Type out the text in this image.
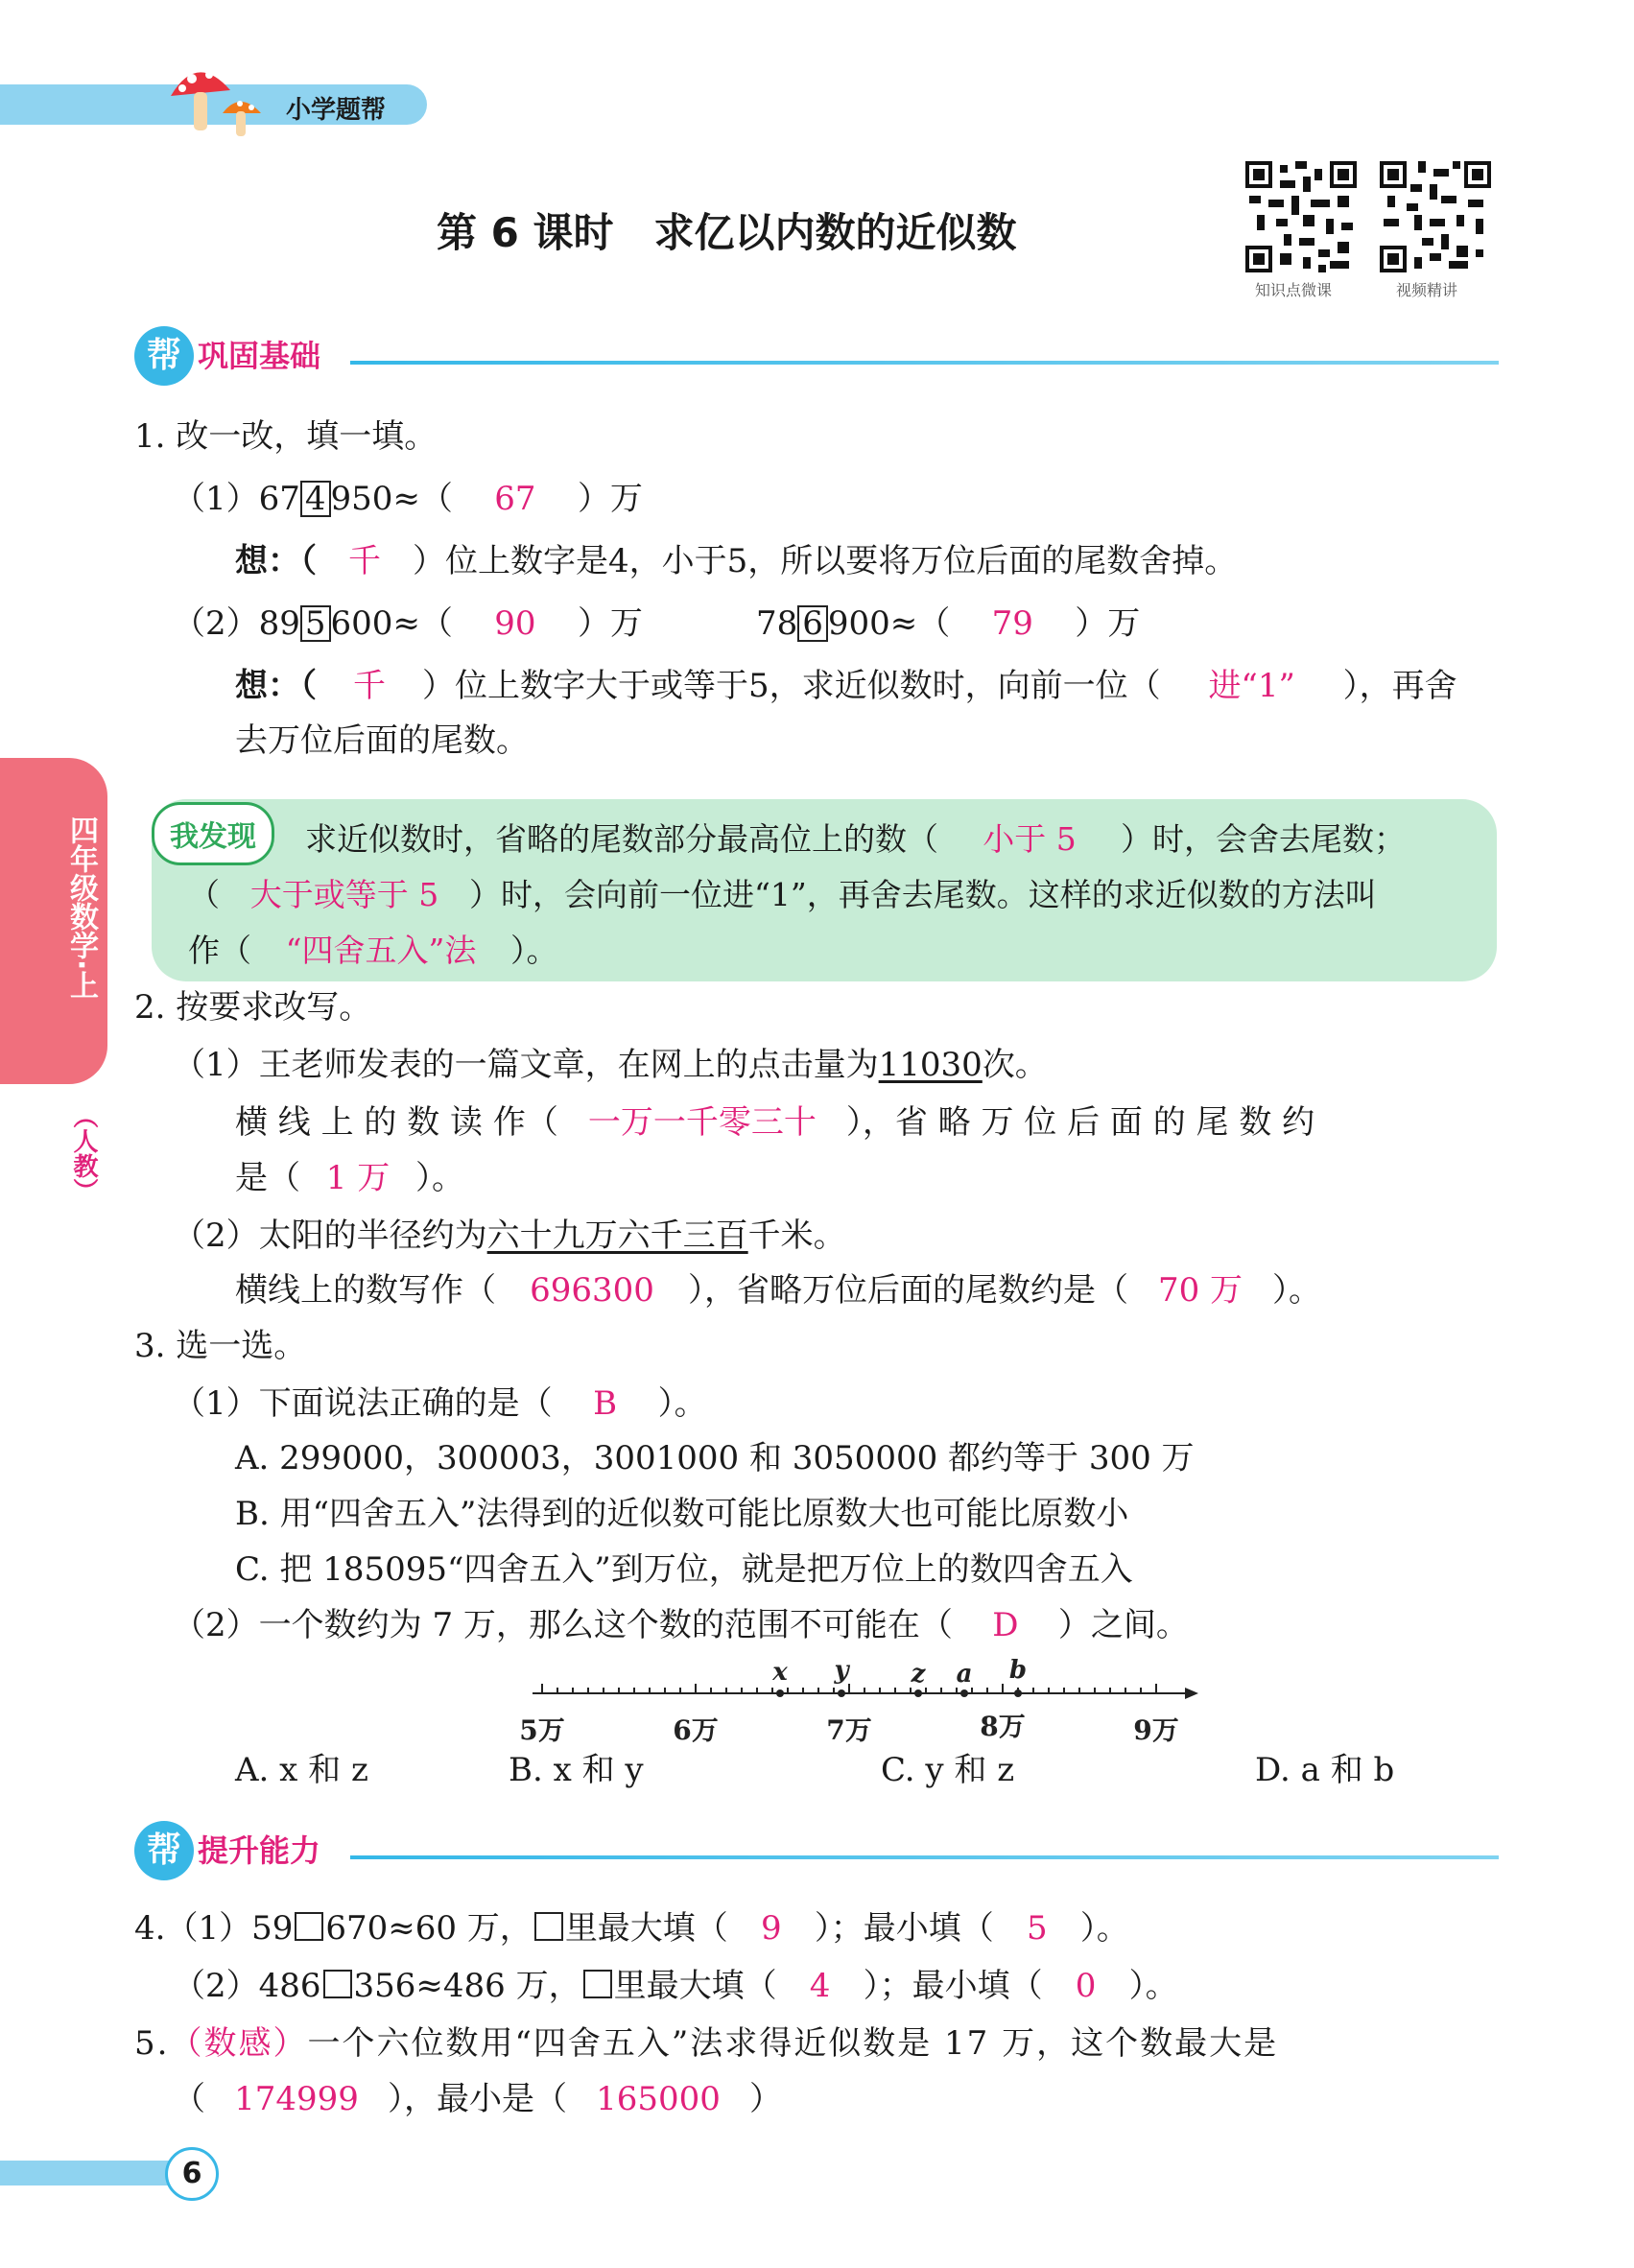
小学题帮
第 6 课时　求亿以内数的近似数
知识点微课	视频精讲
四年级数学·上
（人教）
帮 巩固基础
1. 改一改，填一填。
（1）67 4 950≈（ 67 ）万
想：（ 千 ）位上数字是4，小于5，所以要将万位后面的尾数舍掉。
（2）89 5 600≈（ 90 ）万	78 6 900≈（ 79 ）万
想：（ 千 ）位上数字大于或等于5，求近似数时，向前一位（ 进“1” ），再舍
去万位后面的尾数。
我发现	求近似数时，省略的尾数部分最高位上的数（ 小于 5 ）时，会舍去尾数；
（ 大于或等于 5 ）时，会向前一位进“1”，再舍去尾数。这样的求近似数的方法叫
作（ “四舍五入”法 ）。
2. 按要求改写。
（1）王老师发表的一篇文章，在网上的点击量为11030次。
横 线 上 的 数 读 作（ 一万一千零三十 ），省 略 万 位 后 面 的 尾 数 约
是（ 1 万 ）。
（2）太阳的半径约为六十九万六千三百千米。
横线上的数写作（ 696300 ），省略万位后面的尾数约是（ 70 万 ）。
3. 选一选。
（1）下面说法正确的是（ B ）。
A. 299000，300003，3001000 和 3050000 都约等于 300 万
B. 用“四舍五入”法得到的近似数可能比原数大也可能比原数小
C. 把 185095“四舍五入”到万位，就是把万位上的数四舍五入
（2）一个数约为 7 万，那么这个数的范围不可能在（ D ）之间。
5万	6万	7万	8万	9万
x y	z a b
A. x 和 z	B. x 和 y	C. y 和 z	D. a 和 b
帮 提升能力
4.（1）59 670≈60 万， 里最大填（ 9 ）；最小填（ 5 ）。
（2）486 356≈486 万， 里最大填（ 4 ）；最小填（ 0 ）。
5.（数感）一个六位数用“四舍五入”法求得近似数是 17 万，这个数最大是
（ 174999 ），最小是（ 165000 ）
6
